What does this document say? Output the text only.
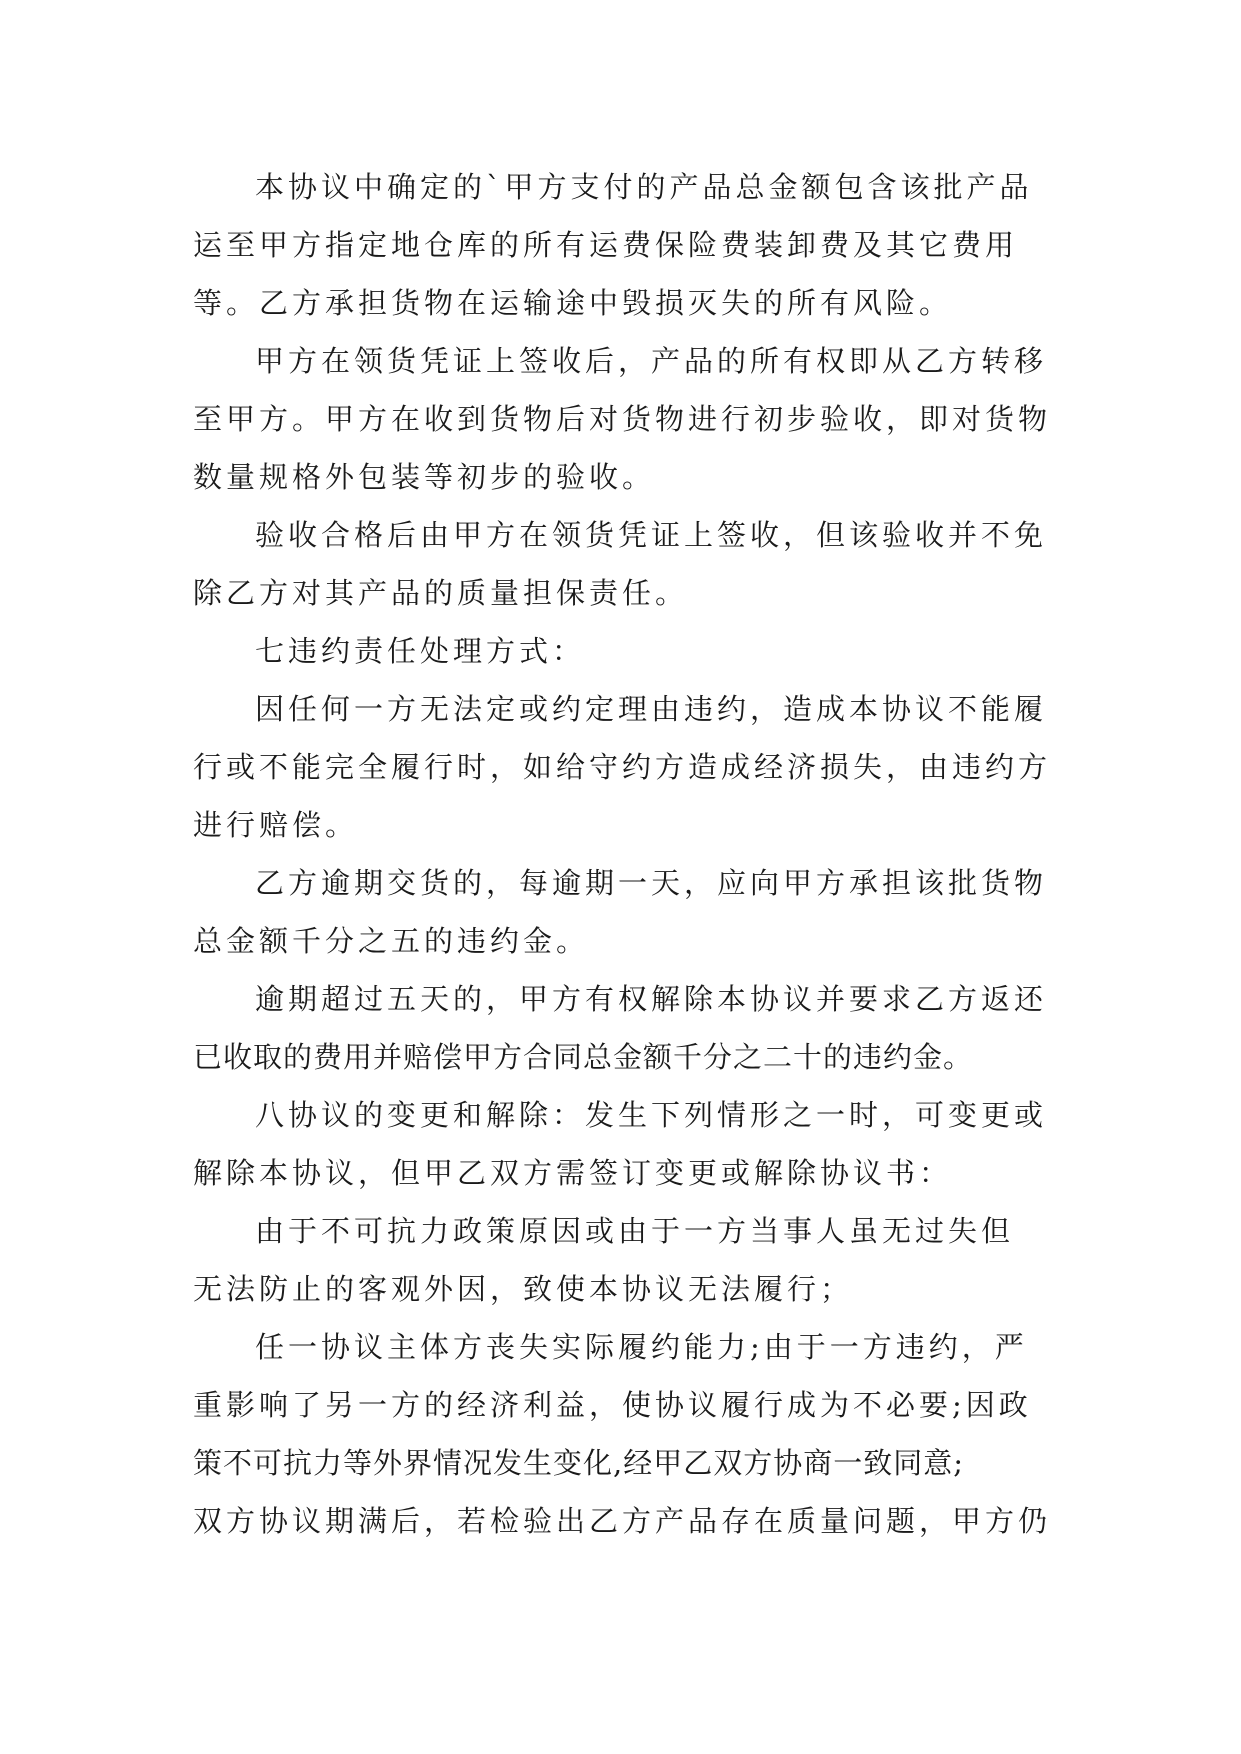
本协议中确定的`甲方支付的产品总金额包含该批产品
运至甲方指定地仓库的所有运费保险费装卸费及其它费用
等。乙方承担货物在运输途中毁损灭失的所有风险。
甲方在领货凭证上签收后，产品的所有权即从乙方转移
至甲方。甲方在收到货物后对货物进行初步验收，即对货物
数量规格外包装等初步的验收。
验收合格后由甲方在领货凭证上签收，但该验收并不免
除乙方对其产品的质量担保责任。
七违约责任处理方式：
因任何一方无法定或约定理由违约，造成本协议不能履
行或不能完全履行时，如给守约方造成经济损失，由违约方
进行赔偿。
乙方逾期交货的，每逾期一天，应向甲方承担该批货物
总金额千分之五的违约金。
逾期超过五天的，甲方有权解除本协议并要求乙方返还
已收取的费用并赔偿甲方合同总金额千分之二十的违约金。
八协议的变更和解除：发生下列情形之一时，可变更或
解除本协议，但甲乙双方需签订变更或解除协议书：
由于不可抗力政策原因或由于一方当事人虽无过失但
无法防止的客观外因，致使本协议无法履行；
任一协议主体方丧失实际履约能力;由于一方违约，严
重影响了另一方的经济利益，使协议履行成为不必要;因政
策不可抗力等外界情况发生变化,经甲乙双方协商一致同意;
双方协议期满后，若检验出乙方产品存在质量问题，甲方仍
